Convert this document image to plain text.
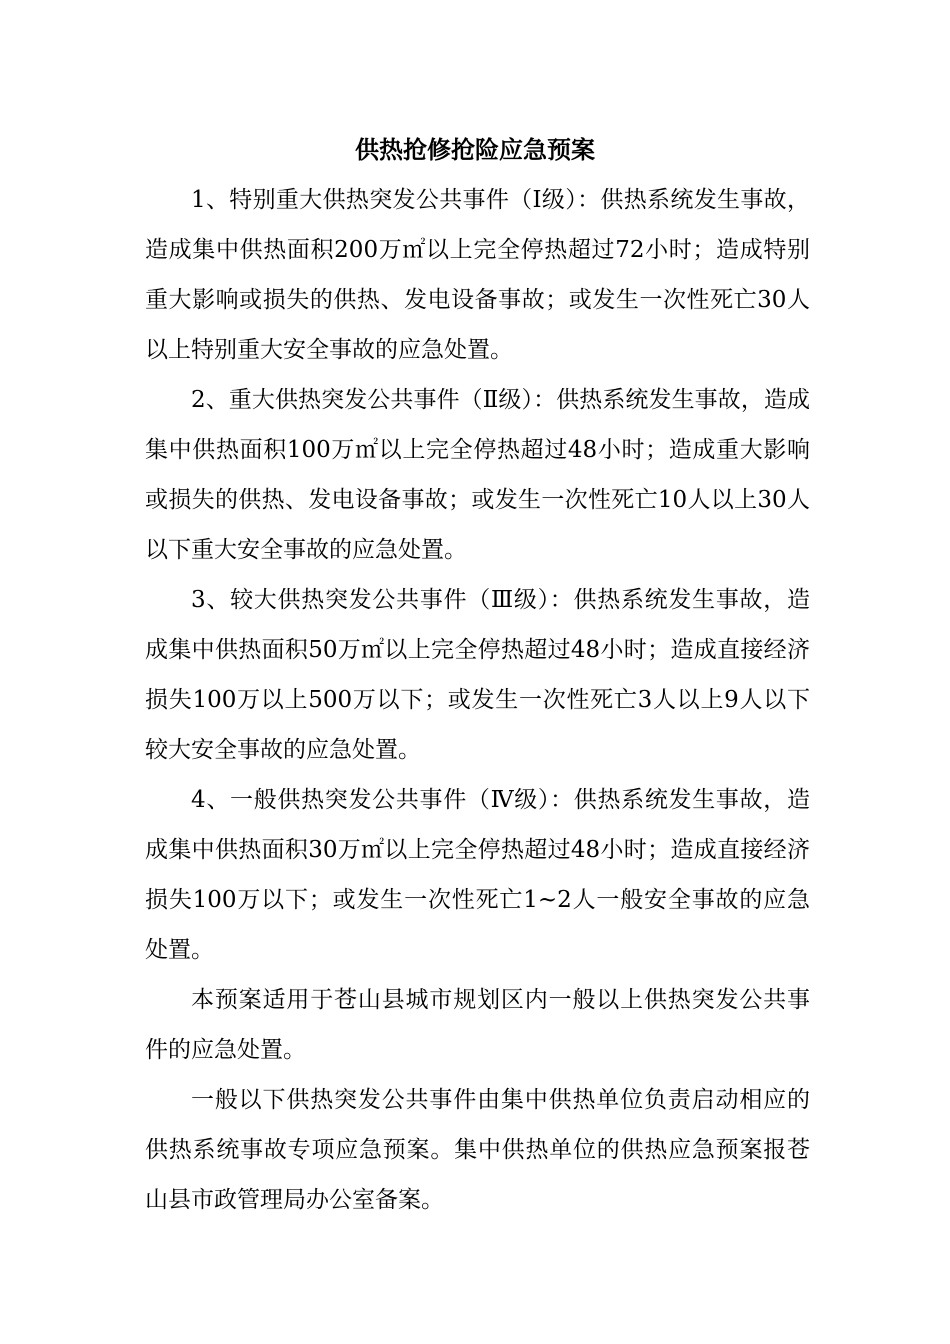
供热抢修抢险应急预案

1、特别重大供热突发公共事件（Ⅰ级）：供热系统发生事故，造成集中供热面积200万㎡以上完全停热超过72小时；造成特别重大影响或损失的供热、发电设备事故；或发生一次性死亡30人以上特别重大安全事故的应急处置。

2、重大供热突发公共事件（Ⅱ级）：供热系统发生事故，造成集中供热面积100万㎡以上完全停热超过48小时；造成重大影响或损失的供热、发电设备事故；或发生一次性死亡10人以上30人以下重大安全事故的应急处置。

3、较大供热突发公共事件（Ⅲ级）：供热系统发生事故，造成集中供热面积50万㎡以上完全停热超过48小时；造成直接经济损失100万以上500万以下；或发生一次性死亡3人以上9人以下较大安全事故的应急处置。

4、一般供热突发公共事件（Ⅳ级）：供热系统发生事故，造成集中供热面积30万㎡以上完全停热超过48小时；造成直接经济损失100万以下；或发生一次性死亡1~2人一般安全事故的应急处置。

本预案适用于苍山县城市规划区内一般以上供热突发公共事件的应急处置。

一般以下供热突发公共事件由集中供热单位负责启动相应的供热系统事故专项应急预案。集中供热单位的供热应急预案报苍山县市政管理局办公室备案。
